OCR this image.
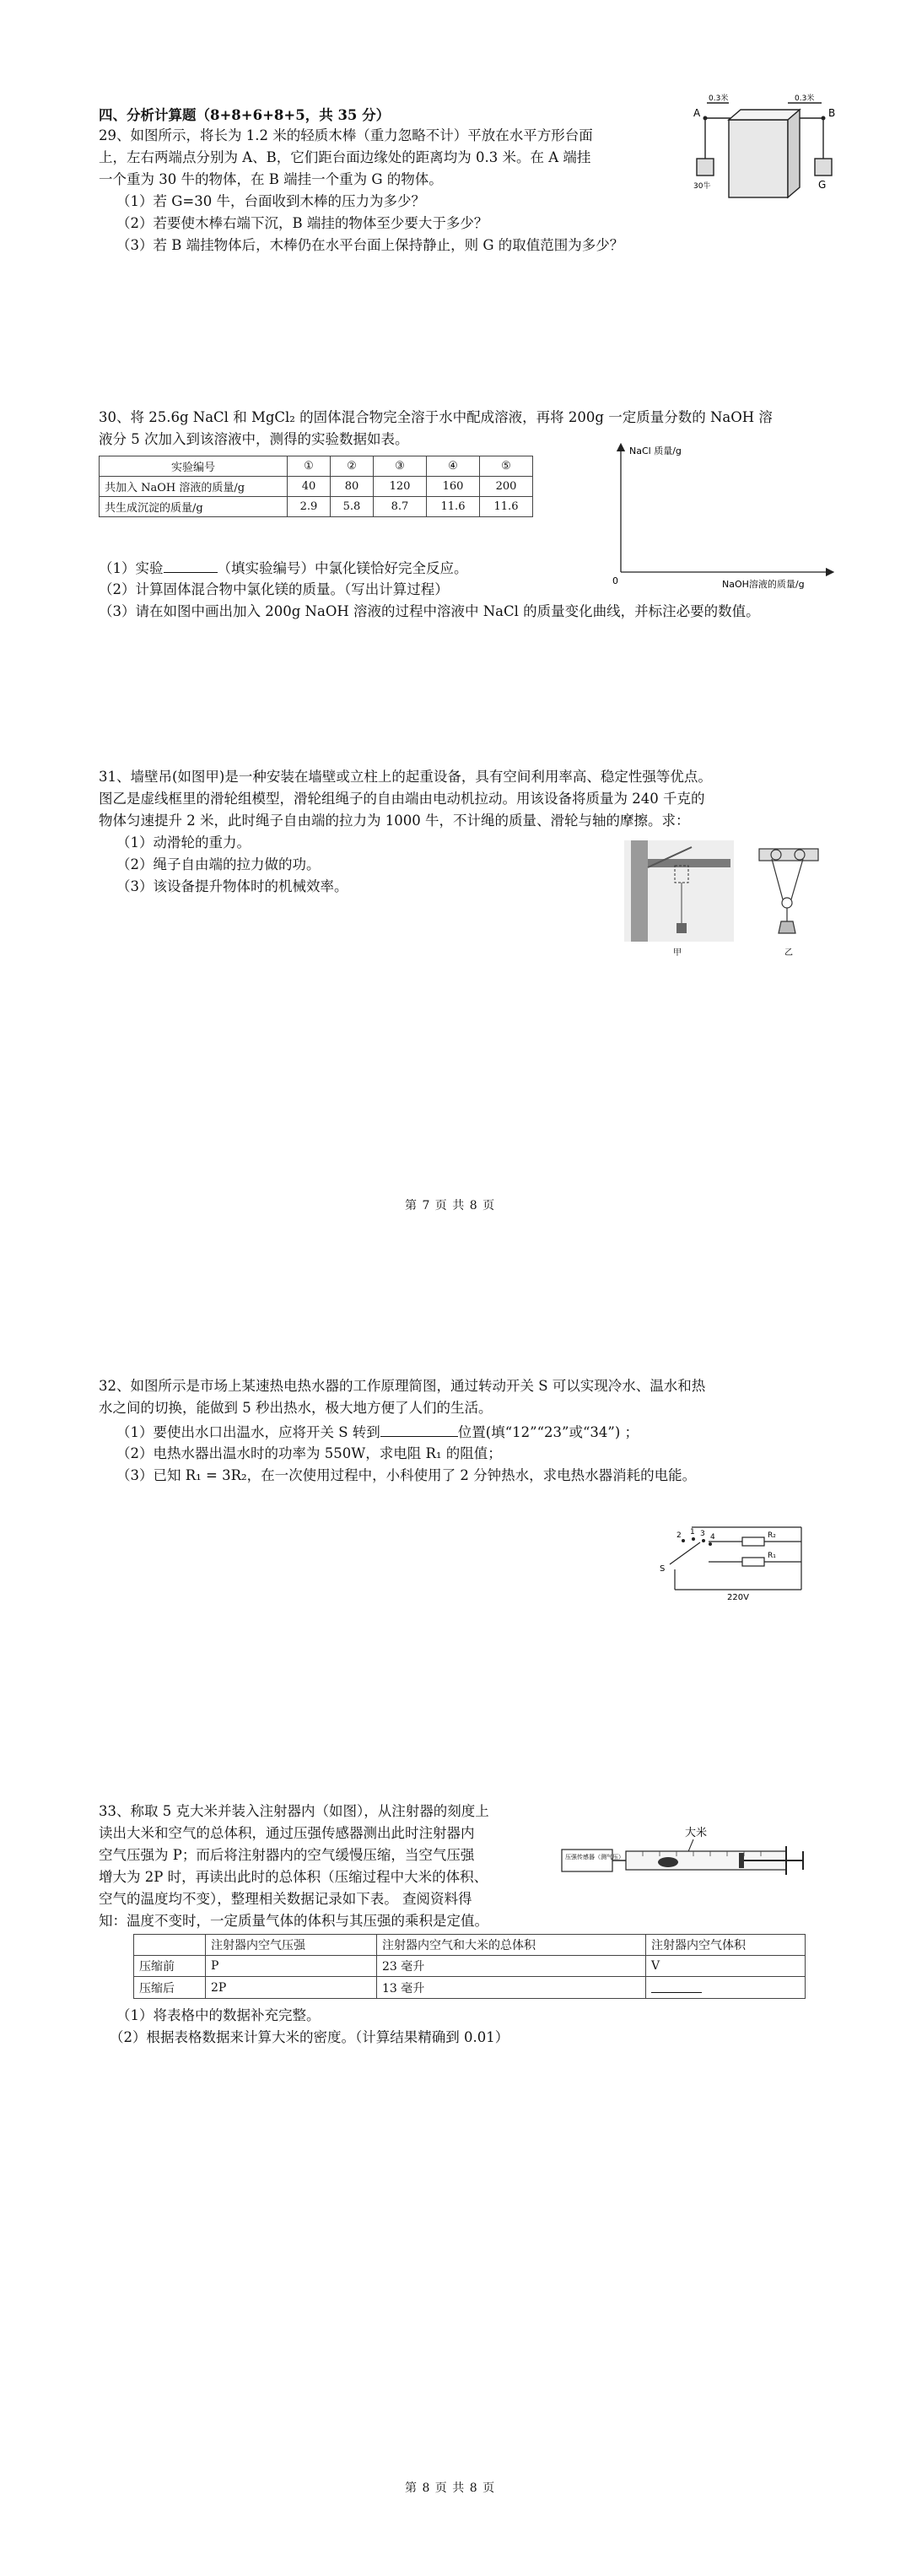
四、分析计算题（8+8+6+8+5，共 35 分）
29、如图所示，将长为 1.2 米的轻质木棒（重力忽略不计）平放在水平方形台面
上，左右两端点分别为 A、B，它们距台面边缘处的距离均为 0.3 米。在 A 端挂
一个重为 30 牛的物体，在 B 端挂一个重为 G 的物体。
（1）若 G=30 牛，台面收到木棒的压力为多少？
（2）若要使木棒右端下沉，B 端挂的物体至少要大于多少？
（3）若 B 端挂物体后，木棒仍在水平台面上保持静止，则 G 的取值范围为多少？
A	B
0.3米	0.3米
30牛	G
30、将 25.6g NaCl 和 MgCl₂ 的固体混合物完全溶于水中配成溶液，再将 200g 一定质量分数的 NaOH 溶
液分 5 次加入到该溶液中，测得的实验数据如表。
实验编号	①	②	③	④	⑤
共加入 NaOH 溶液的质量/g	40	80	120	160	200
共生成沉淀的质量/g	2.9	5.8	8.7	11.6	11.6
NaCl 质量/g
0	NaOH溶液的质量/g
（1）实验	（填实验编号）中氯化镁恰好完全反应。
（2）计算固体混合物中氯化镁的质量。（写出计算过程）
（3）请在如图中画出加入 200g NaOH 溶液的过程中溶液中 NaCl 的质量变化曲线，并标注必要的数值。
31、墙壁吊(如图甲)是一种安装在墙壁或立柱上的起重设备，具有空间利用率高、稳定性强等优点。
图乙是虚线框里的滑轮组模型，滑轮组绳子的自由端由电动机拉动。用该设备将质量为 240 千克的
物体匀速提升 2 米，此时绳子自由端的拉力为 1000 牛，不计绳的质量、滑轮与轴的摩擦。求：
（1）动滑轮的重力。
（2）绳子自由端的拉力做的功。
（3）该设备提升物体时的机械效率。
甲	乙
第 7 页 共 8 页
32、如图所示是市场上某速热电热水器的工作原理简图，通过转动开关 S 可以实现冷水、温水和热
水之间的切换，能做到 5 秒出热水，极大地方便了人们的生活。
（1）要使出水口出温水，应将开关 S 转到	位置(填“12”“23”或“34”) ；
（2）电热水器出温水时的功率为 550W，求电阻 R₁ 的阻值；
（3）已知 R₁ = 3R₂，在一次使用过程中，小科使用了 2 分钟热水，求电热水器消耗的电能。
2 1 3 4
S
R₂
R₁
220V
33、称取 5 克大米并装入注射器内（如图），从注射器的刻度上
读出大米和空气的总体积，通过压强传感器测出此时注射器内
空气压强为 P；而后将注射器内的空气缓慢压缩，当空气压强
增大为 2P 时，再读出此时的总体积（压缩过程中大米的体积、
空气的温度均不变），整理相关数据记录如下表。 查阅资料得
知：温度不变时，一定质量气体的体积与其压强的乘积是定值。
大米
压强传感器（测气压）
	注射器内空气压强	注射器内空气和大米的总体积	注射器内空气体积
压缩前	P	23 毫升	V
压缩后	2P	13 毫升	
（1）将表格中的数据补充完整。
（2）根据表格数据来计算大米的密度。（计算结果精确到 0.01）
第 8 页 共 8 页
